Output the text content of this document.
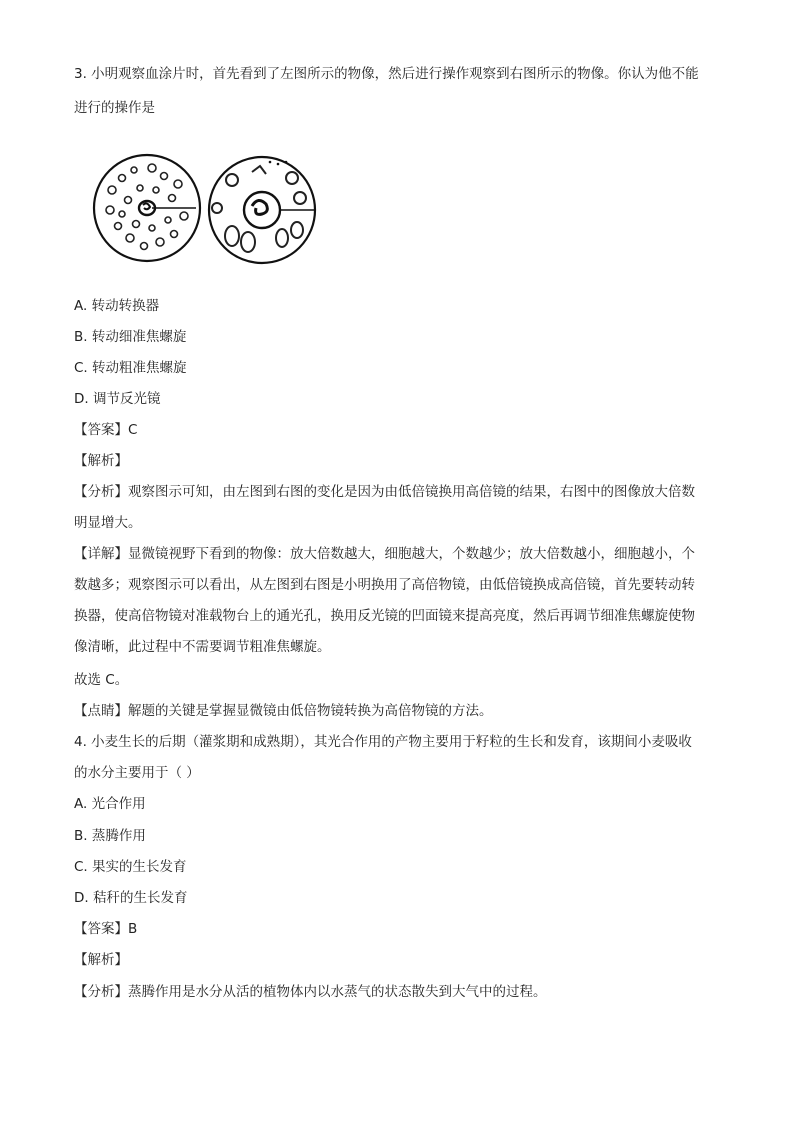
3. 小明观察血涂片时，首先看到了左图所示的物像，然后进行操作观察到右图所示的物像。你认为他不能
进行的操作是
A. 转动转换器
B. 转动细准焦螺旋
C. 转动粗准焦螺旋
D. 调节反光镜
【答案】C
【解析】
【分析】观察图示可知，由左图到右图的变化是因为由低倍镜换用高倍镜的结果，右图中的图像放大倍数
明显增大。
【详解】显微镜视野下看到的物像：放大倍数越大，细胞越大，个数越少；放大倍数越小，细胞越小，个
数越多；观察图示可以看出，从左图到右图是小明换用了高倍物镜，由低倍镜换成高倍镜，首先要转动转
换器，使高倍物镜对准载物台上的通光孔，换用反光镜的凹面镜来提高亮度，然后再调节细准焦螺旋使物
像清晰，此过程中不需要调节粗准焦螺旋。
故选 C。
【点睛】解题的关键是掌握显微镜由低倍物镜转换为高倍物镜的方法。
4. 小麦生长的后期（灌浆期和成熟期），其光合作用的产物主要用于籽粒的生长和发育，该期间小麦吸收
的水分主要用于（ ）
A. 光合作用
B. 蒸腾作用
C. 果实的生长发育
D. 秸秆的生长发育
【答案】B
【解析】
【分析】蒸腾作用是水分从活的植物体内以水蒸气的状态散失到大气中的过程。
